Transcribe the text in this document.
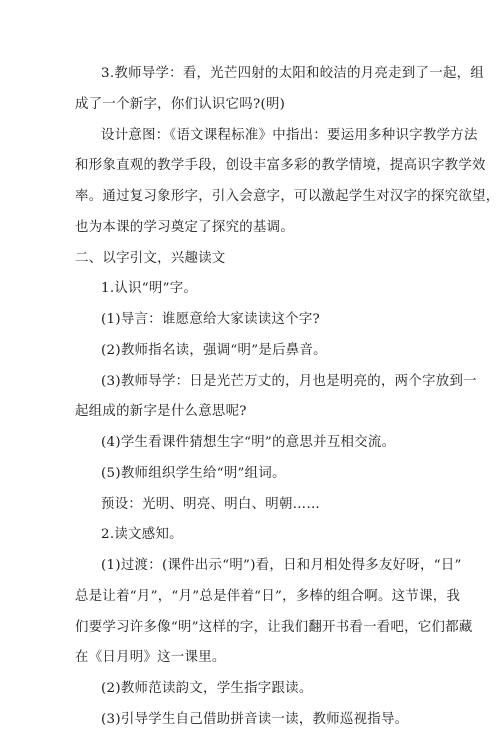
3.教师导学：看，光芒四射的太阳和皎洁的月亮走到了一起，组
成了一个新字，你们认识它吗?(明)
设计意图：《语文课程标准》中指出：要运用多种识字教学方法
和形象直观的教学手段，创设丰富多彩的教学情境，提高识字教学效
率。通过复习象形字，引入会意字，可以激起学生对汉字的探究欲望，
也为本课的学习奠定了探究的基调。
二、以字引文，兴趣读文
1.认识“明”字。
(1)导言：谁愿意给大家读读这个字?
(2)教师指名读，强调“明”是后鼻音。
(3)教师导学：日是光芒万丈的，月也是明亮的，两个字放到一
起组成的新字是什么意思呢?
(4)学生看课件猜想生字“明”的意思并互相交流。
(5)教师组织学生给“明”组词。
预设：光明、明亮、明白、明朝……
2.读文感知。
(1)过渡：(课件出示“明”)看，日和月相处得多友好呀，“日”
总是让着“月”，“月”总是伴着“日”，多棒的组合啊。这节课，我
们要学习许多像“明”这样的字，让我们翻开书看一看吧，它们都藏
在《日月明》这一课里。
(2)教师范读韵文，学生指字跟读。
(3)引导学生自己借助拼音读一读，教师巡视指导。
